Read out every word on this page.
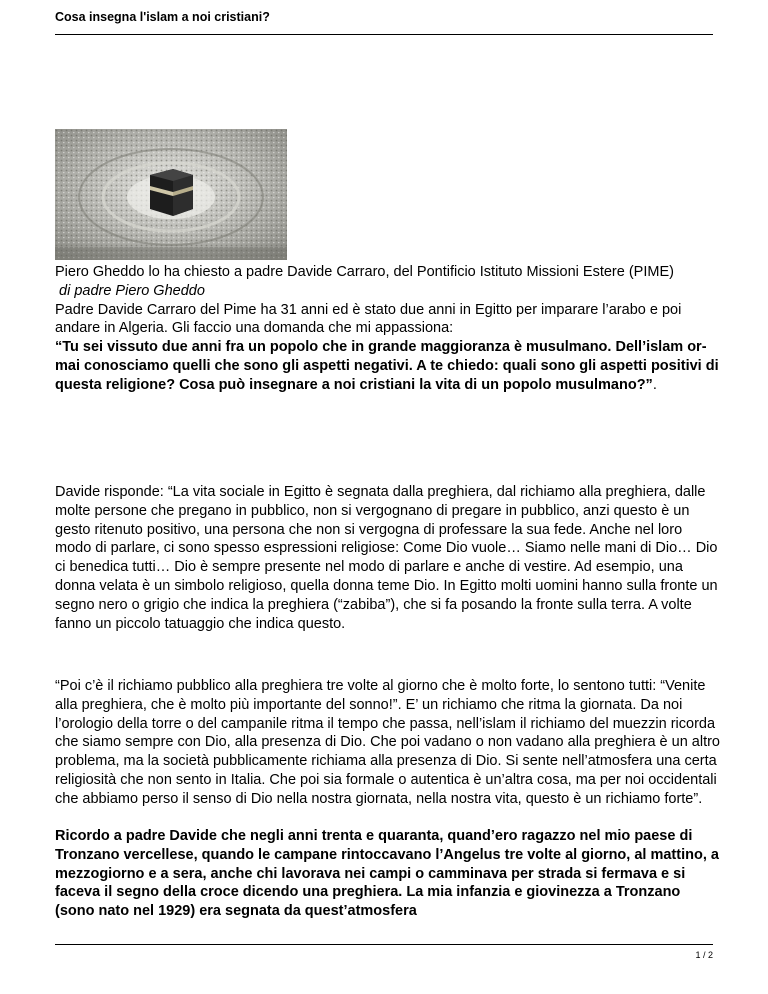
Cosa insegna l'islam a noi cristiani?

Piero Gheddo lo ha chiesto a padre Davide Carraro, del Pontificio Istituto Missioni Estere (PIME)

di padre Piero Gheddo

Padre Davide Carraro del Pime ha 31 anni ed è stato due anni in Egitto per imparare l’arabo e poi andare in Algeria. Gli faccio una domanda che mi appassiona:

“Tu sei vissuto due anni fra un popolo che in grande maggioranza è musulmano. Dell’islam or-mai conosciamo quelli che sono gli aspetti negativi. A te chiedo: quali sono gli aspetti positivi di questa religione? Cosa può insegnare a noi cristiani la vita di un popolo musulmano?”.

Davide risponde: “La vita sociale in Egitto è segnata dalla preghiera, dal richiamo alla preghiera, dalle molte persone che pregano in pubblico, non si vergognano di pregare in pubblico, anzi questo è un gesto ritenuto positivo, una persona che non si vergogna di professare la sua fede. Anche nel loro modo di parlare, ci sono spesso espressioni religiose: Come Dio vuole… Siamo nelle mani di Dio… Dio ci benedica tutti… Dio è sempre presente nel modo di parlare e anche di vestire. Ad esempio, una donna velata è un simbolo religioso, quella donna teme Dio. In Egitto molti uomini hanno sulla fronte un segno nero o grigio che indica la preghiera (“zabiba”), che si fa posando la fronte sulla terra. A volte fanno un piccolo tatuaggio che indica questo.
“Poi c’è il richiamo pubblico alla preghiera tre volte al giorno che è molto forte, lo sentono tutti: “Venite alla preghiera, che è molto più importante del sonno!”. E’ un richiamo che ritma la giornata. Da noi l’orologio della torre o del campanile ritma il tempo che passa, nell’islam il richiamo del muezzin ricorda che siamo sempre con Dio, alla presenza di Dio. Che poi vadano o non vadano alla preghiera è un altro problema, ma la società pubblicamente richiama alla presenza di Dio. Si sente nell’atmosfera una certa religiosità che non sento in Italia. Che poi sia formale o autentica è un’altra cosa, ma per noi occidentali che abbiamo perso il senso di Dio nella nostra giornata, nella nostra vita, questo è un richiamo forte”.
Ricordo a padre Davide che negli anni trenta e quaranta, quand’ero ragazzo nel mio paese di Tronzano vercellese, quando le campane rintoccavano l’Angelus tre volte al giorno, al mattino, a mezzogiorno e a sera, anche chi lavorava nei campi o camminava per strada si fermava e si faceva il segno della croce dicendo una preghiera. La mia infanzia e giovinezza a Tronzano (sono nato nel 1929) era segnata da quest’atmosfera
1 / 2
